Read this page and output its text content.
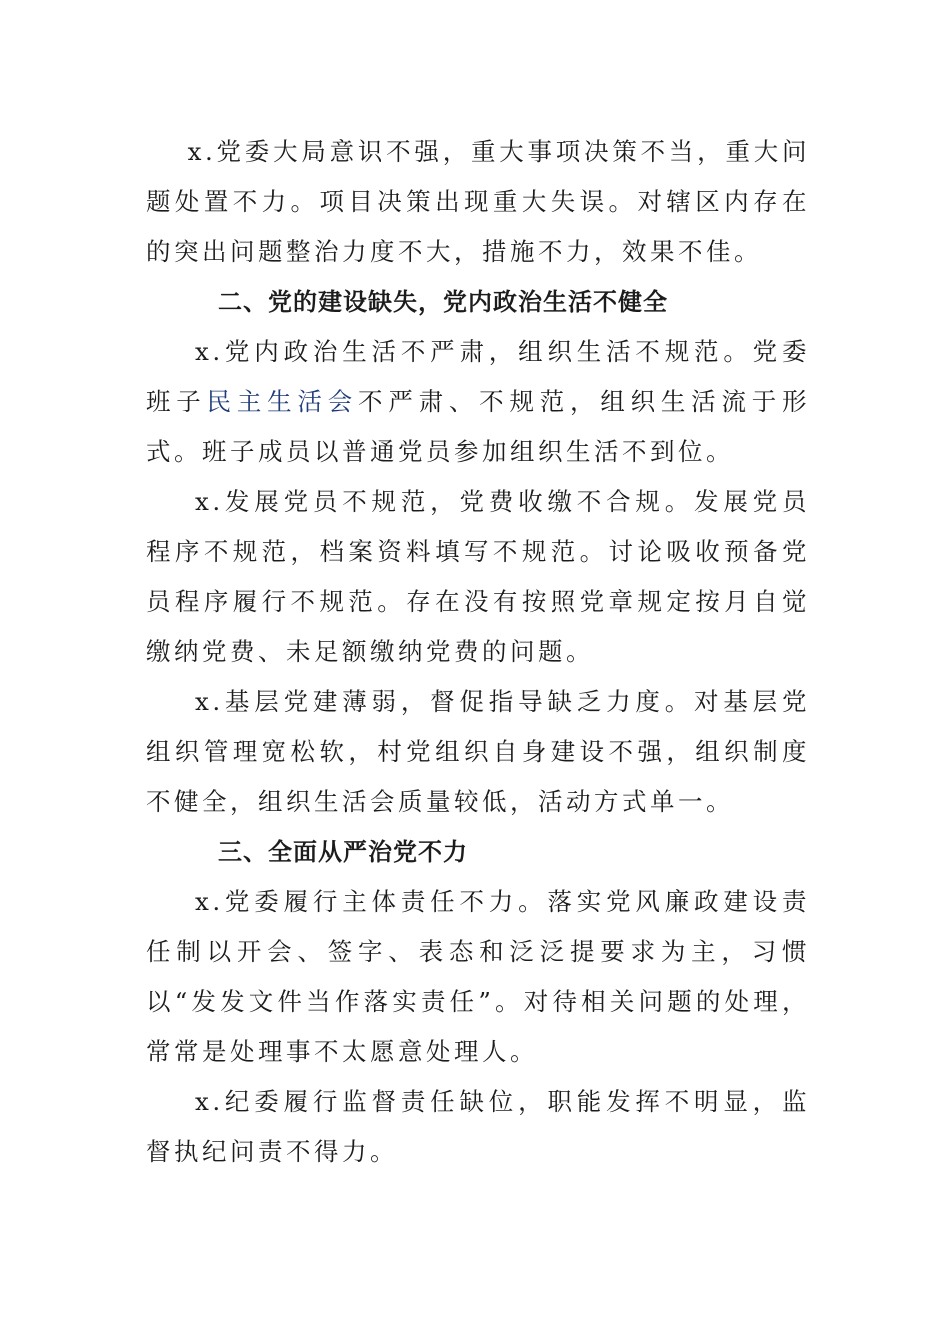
x.党委大局意识不强，重大事项决策不当，重大问题处置不力。项目决策出现重大失误。对辖区内存在的突出问题整治力度不大，措施不力，效果不佳。

二、党的建设缺失，党内政治生活不健全

x.党内政治生活不严肃，组织生活不规范。党委班子民主生活会不严肃、不规范，组织生活流于形式。班子成员以普通党员参加组织生活不到位。

x.发展党员不规范，党费收缴不合规。发展党员程序不规范，档案资料填写不规范。讨论吸收预备党员程序履行不规范。存在没有按照党章规定按月自觉缴纳党费、未足额缴纳党费的问题。

x.基层党建薄弱，督促指导缺乏力度。对基层党组织管理宽松软，村党组织自身建设不强，组织制度不健全，组织生活会质量较低，活动方式单一。

三、全面从严治党不力

x.党委履行主体责任不力。落实党风廉政建设责任制以开会、签字、表态和泛泛提要求为主，习惯以“发发文件当作落实责任”。对待相关问题的处理，常常是处理事不太愿意处理人。

x.纪委履行监督责任缺位，职能发挥不明显，监督执纪问责不得力。
